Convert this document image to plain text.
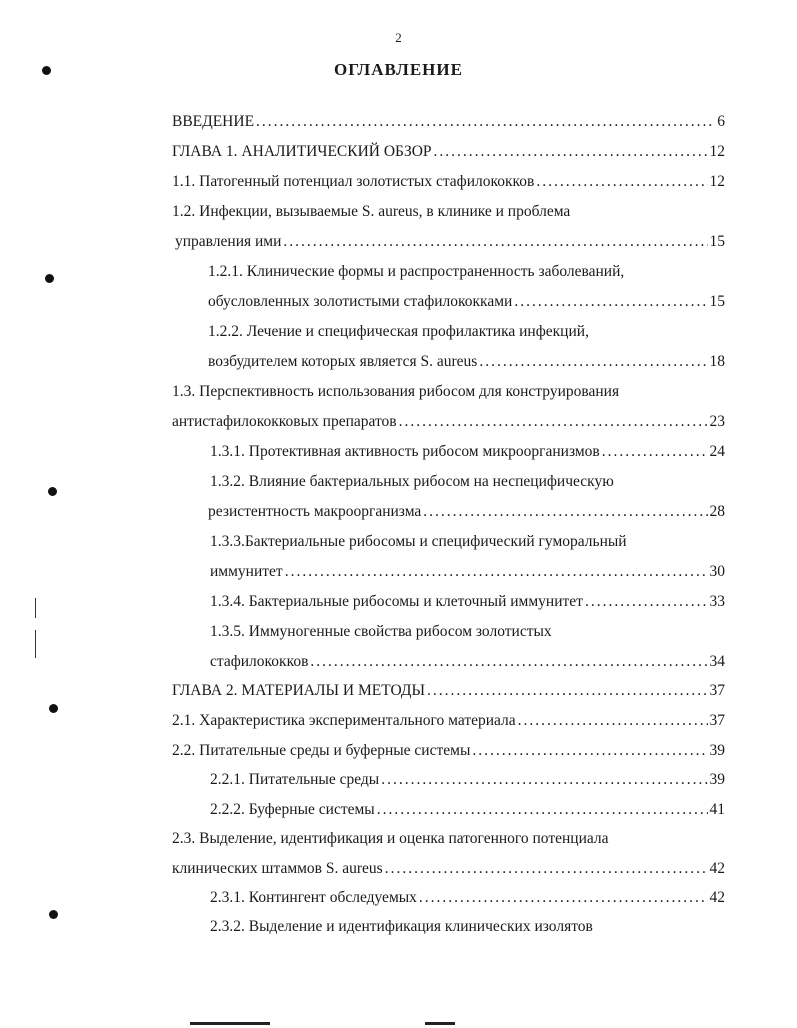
2
ОГЛАВЛЕНИЕ
ВВЕДЕНИЕ .....	6
ГЛАВА 1. АНАЛИТИЧЕСКИЙ ОБЗОР .....	12
1.1. Патогенный потенциал золотистых стафилококков .....	12
1.2. Инфекции, вызываемые S. aureus, в клинике и проблема
управления ими .....	15
1.2.1. Клинические формы и распространенность заболеваний,
обусловленных золотистыми стафилококками .....	15
1.2.2. Лечение и специфическая профилактика инфекций,
возбудителем которых является S. aureus .....	18
1.3. Перспективность использования рибосом для конструирования
антистафилококковых препаратов .....	23
1.3.1. Протективная активность рибосом микроорганизмов .....	24
1.3.2. Влияние бактериальных рибосом на неспецифическую
резистентность макроорганизма .....	28
1.3.3.Бактериальные рибосомы и специфический гуморальный
иммунитет .....	30
1.3.4. Бактериальные рибосомы и клеточный иммунитет .....	33
1.3.5. Иммуногенные свойства рибосом золотистых
стафилококков .....	34
ГЛАВА 2. МАТЕРИАЛЫ И МЕТОДЫ .....	37
2.1. Характеристика экспериментального материала .....	37
2.2. Питательные среды и буферные системы .....	39
2.2.1. Питательные среды .....	39
2.2.2. Буферные системы .....	41
2.3. Выделение, идентификация и оценка патогенного потенциала
клинических штаммов S. aureus .....	42
2.3.1. Контингент обследуемых .....	42
2.3.2. Выделение и идентификация клинических изолятов
